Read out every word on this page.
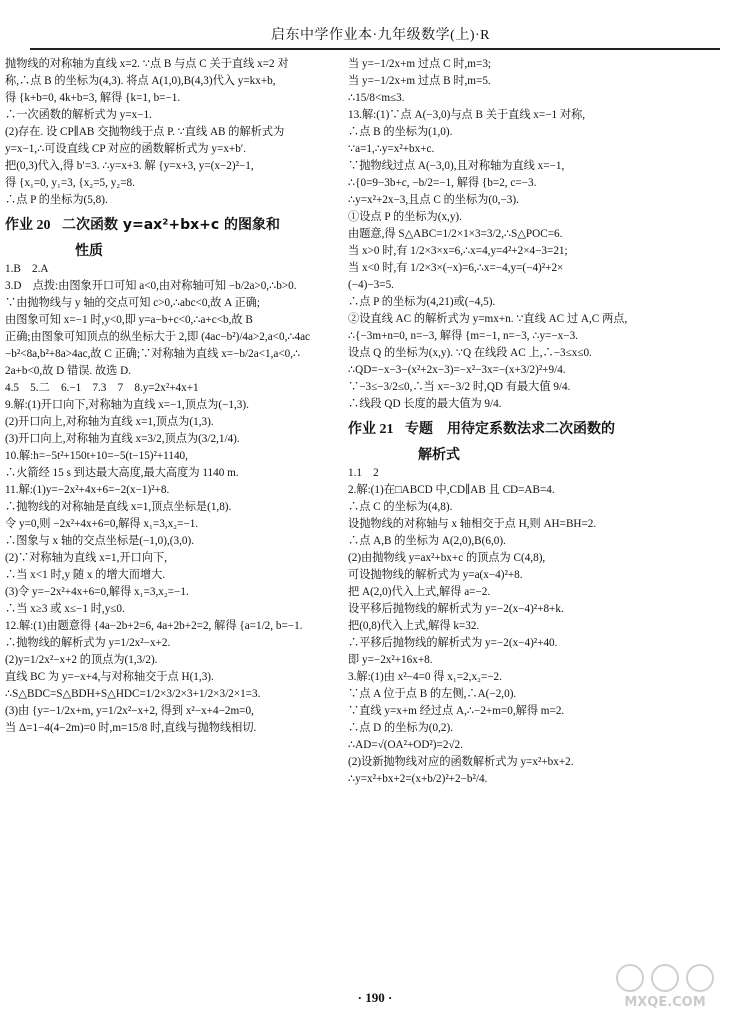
启东中学作业本·九年级数学(上)·R
抛物线的对称轴为直线 x=2. ∵点 B 与点 C 关于直线 x=2 对
称,∴点 B 的坐标为(4,3). 将点 A(1,0),B(4,3)代入 y=kx+b,
得 {k+b=0, 4k+b=3, 解得 {k=1, b=−1.
∴一次函数的解析式为 y=x−1.
(2)存在. 设 CP∥AB 交抛物线于点 P. ∵直线 AB 的解析式为
y=x−1,∴可设直线 CP 对应的函数解析式为 y=x+b′.
把(0,3)代入,得 b′=3. ∴y=x+3. 解 {y=x+3, y=(x−2)²−1,
得 {x₁=0, y₁=3, {x₂=5, y₂=8.
∴点 P 的坐标为(5,8).
作业 20 二次函数 y=ax²+bx+c 的图象和
性质
1.B　2.A
3.D　点拨:由图象开口可知 a<0,由对称轴可知 −b/2a>0,∴b>0.
∵由抛物线与 y 轴的交点可知 c>0,∴abc<0,故 A 正确;
由图象可知 x=−1 时,y<0,即 y=a−b+c<0,∴a+c<b,故 B
正确;由图象可知顶点的纵坐标大于 2,即 (4ac−b²)/4a>2,a<0,∴4ac
−b²<8a,b²+8a>4ac,故 C 正确;∵对称轴为直线 x=−b/2a<1,a<0,∴
2a+b<0,故 D 错误. 故选 D.
4.5　5.二　6.−1　7.3　7　8.y=2x²+4x+1
9.解:(1)开口向下,对称轴为直线 x=−1,顶点为(−1,3).
(2)开口向上,对称轴为直线 x=1,顶点为(1,3).
(3)开口向上,对称轴为直线 x=3/2,顶点为(3/2,1/4).
10.解:h=−5t²+150t+10=−5(t−15)²+1140,
∴火箭经 15 s 到达最大高度,最大高度为 1140 m.
11.解:(1)y=−2x²+4x+6=−2(x−1)²+8.
∴抛物线的对称轴是直线 x=1,顶点坐标是(1,8).
令 y=0,则 −2x²+4x+6=0,解得 x₁=3,x₂=−1.
∴图象与 x 轴的交点坐标是(−1,0),(3,0).
(2)∵对称轴为直线 x=1,开口向下,
∴当 x<1 时,y 随 x 的增大而增大.
(3)令 y=−2x²+4x+6=0,解得 x₁=3,x₂=−1.
∴当 x≥3 或 x≤−1 时,y≤0.
12.解:(1)由题意得 {4a−2b+2=6, 4a+2b+2=2, 解得 {a=1/2, b=−1.
∴抛物线的解析式为 y=1/2x²−x+2.
(2)y=1/2x²−x+2 的顶点为(1,3/2).
直线 BC 为 y=−x+4,与对称轴交于点 H(1,3).
∴S△BDC=S△BDH+S△HDC=1/2×3/2×3+1/2×3/2×1=3.
(3)由 {y=−1/2x+m, y=1/2x²−x+2, 得到 x²−x+4−2m=0,
当 Δ=1−4(4−2m)=0 时,m=15/8 时,直线与抛物线相切.
当 y=−1/2x+m 过点 C 时,m=3;
当 y=−1/2x+m 过点 B 时,m=5.
∴15/8<m≤3.
13.解:(1)∵点 A(−3,0)与点 B 关于直线 x=−1 对称,
∴点 B 的坐标为(1,0).
∵a=1,∴y=x²+bx+c.
∵抛物线过点 A(−3,0),且对称轴为直线 x=−1,
∴{0=9−3b+c, −b/2=−1, 解得 {b=2, c=−3.
∴y=x²+2x−3,且点 C 的坐标为(0,−3).
①设点 P 的坐标为(x,y).
由题意,得 S△ABC=1/2×1×3=3/2,∴S△POC=6.
当 x>0 时,有 1/2×3×x=6,∴x=4,y=4²+2×4−3=21;
当 x<0 时,有 1/2×3×(−x)=6,∴x=−4,y=(−4)²+2×
(−4)−3=5.
∴点 P 的坐标为(4,21)或(−4,5).
②设直线 AC 的解析式为 y=mx+n. ∵直线 AC 过 A,C 两点,
∴{−3m+n=0, n=−3, 解得 {m=−1, n=−3, ∴y=−x−3.
设点 Q 的坐标为(x,y). ∵Q 在线段 AC 上,∴−3≤x≤0.
∴QD=−x−3−(x²+2x−3)=−x²−3x=−(x+3/2)²+9/4.
∵−3≤−3/2≤0,∴当 x=−3/2 时,QD 有最大值 9/4.
∴线段 QD 长度的最大值为 9/4.
作业 21 专题　用待定系数法求二次函数的
解析式
1.1　2
2.解:(1)在□ABCD 中,CD∥AB 且 CD=AB=4.
∴点 C 的坐标为(4,8).
设抛物线的对称轴与 x 轴相交于点 H,则 AH=BH=2.
∴点 A,B 的坐标为 A(2,0),B(6,0).
(2)由抛物线 y=ax²+bx+c 的顶点为 C(4,8),
可设抛物线的解析式为 y=a(x−4)²+8.
把 A(2,0)代入上式,解得 a=−2.
设平移后抛物线的解析式为 y=−2(x−4)²+8+k.
把(0,8)代入上式,解得 k=32.
∴平移后抛物线的解析式为 y=−2(x−4)²+40.
即 y=−2x²+16x+8.
3.解:(1)由 x²−4=0 得 x₁=2,x₂=−2.
∵点 A 位于点 B 的左侧,∴A(−2,0).
∵直线 y=x+m 经过点 A,∴−2+m=0,解得 m=2.
∴点 D 的坐标为(0,2).
∴AD=√(OA²+OD²)=2√2.
(2)设新抛物线对应的函数解析式为 y=x²+bx+2.
∴y=x²+bx+2=(x+b/2)²+2−b²/4.
· 190 ·	MXQE.COM
